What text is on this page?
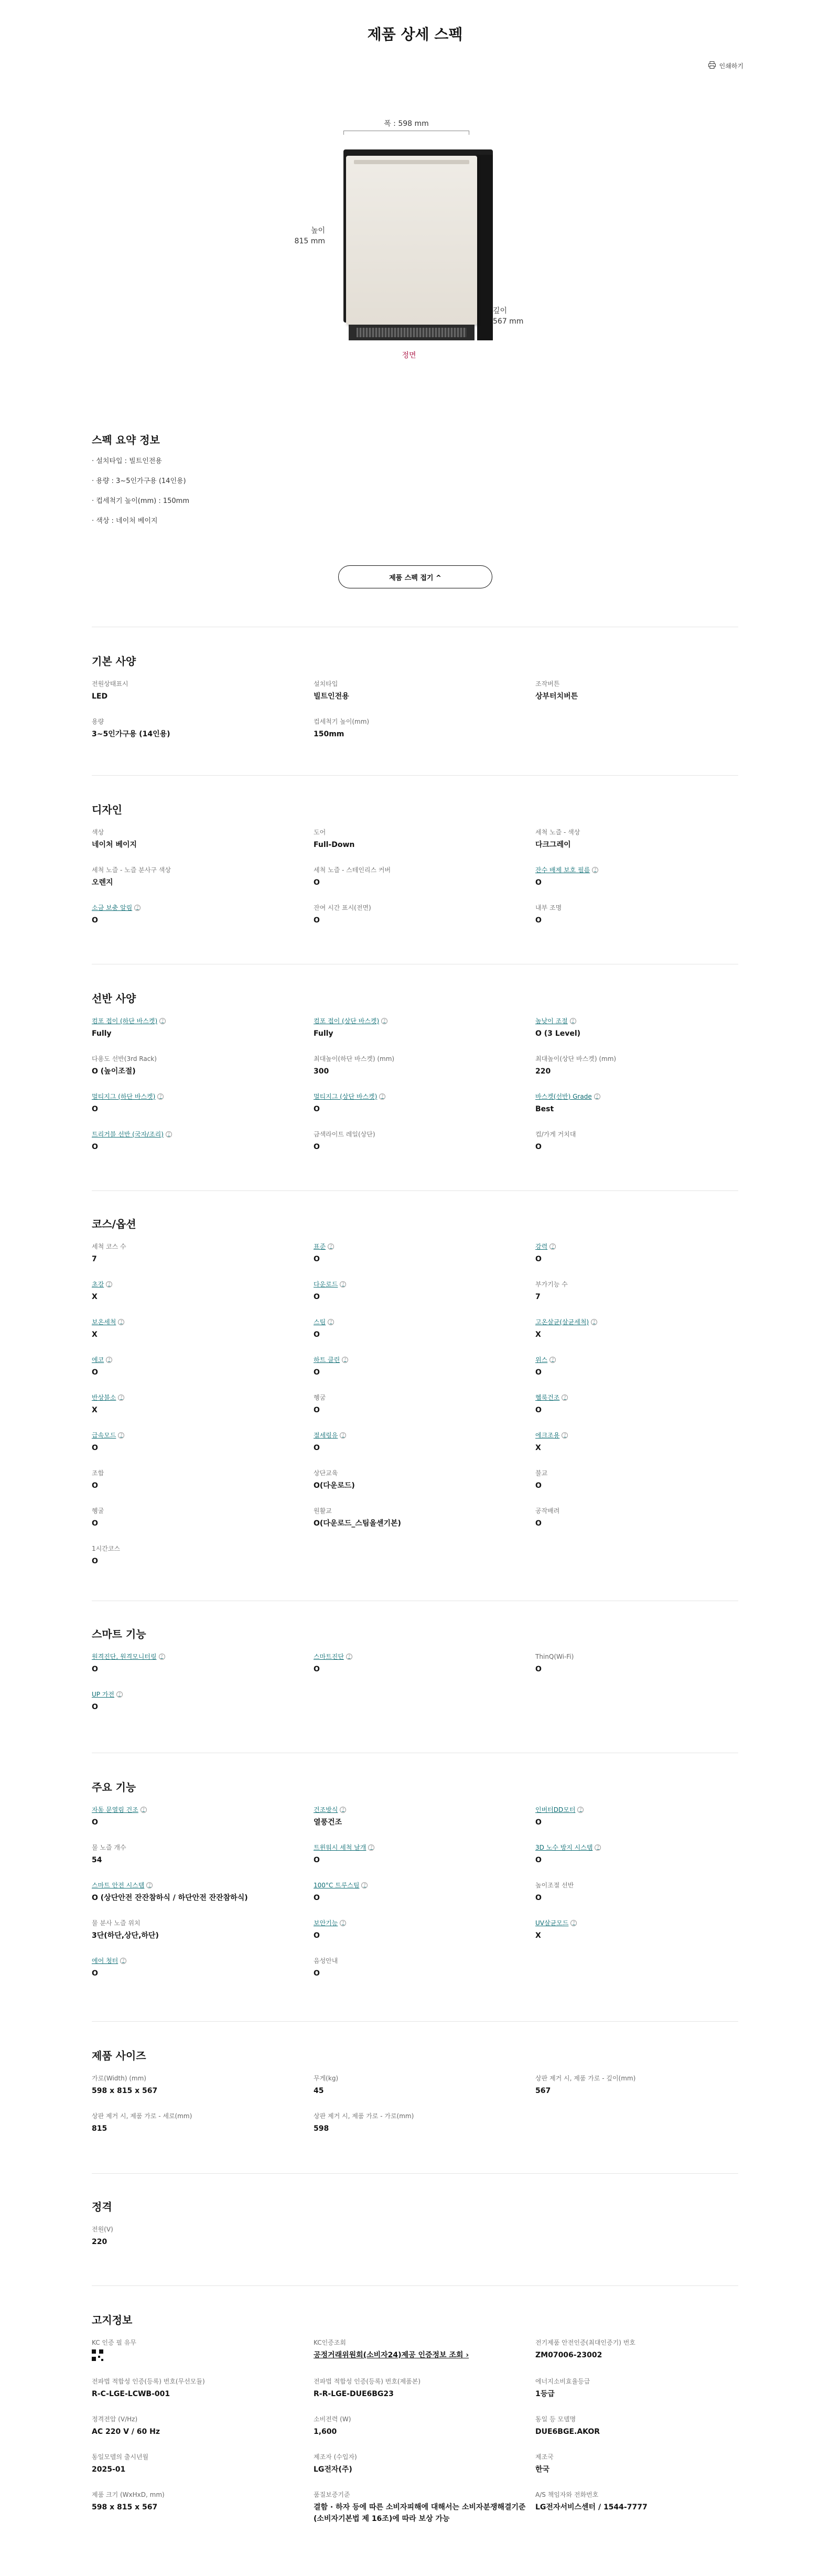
제품 상세 스펙
인쇄하기
폭 : 598 mm
높이
815 mm
깊이
567 mm
정면
스펙 요약 정보
· 설치타입 : 빌트인전용
· 용량 : 3~5인가구용 (14인용)
· 컵세척기 높이(mm) : 150mm
· 색상 : 네이처 베이지
제품 스펙 접기 ^
기본 사양
전원상태표시
LED
설치타입
빌트인전용
조작버튼
상부터치버튼
용량
3~5인가구용 (14인용)
컵세척기 높이(mm)
150mm
디자인
색상
네이처 베이지
도어
Full-Down
세척 노즐 - 색상
다크그레이
세척 노즐 - 노즐 분사구 색상
오렌지
세척 노즐 - 스테인리스 커버
O
잔수 배제 보호 필름 ?
O
소금 보충 알림 ?
O
잔여 시간 표시(전면)
O
내부 조명
O
선반 사양
컴포 접이 (하단 바스켓) ?
Fully
컴포 접이 (상단 바스켓) ?
Fully
높낮이 조절 ?
O (3 Level)
다용도 선반(3rd Rack)
O (높이조절)
최대높이(하단 바스켓) (mm)
300
최대높이(상단 바스켓) (mm)
220
멀티지그 (하단 바스켓) ?
O
멀티지그 (상단 바스켓) ?
O
바스켓(선반) Grade ?
Best
트리거블 선반 (국자/조리) ?
O
금색라이트 레일(상단)
O
컵/가게 거치대
O
코스/옵션
세척 코스 수
7
표준 ?
O
강력 ?
O
초강 ?
X
다운로드 ?
O
부가기능 수
7
보온세척 ?
X
스팀 ?
O
고온살균(살균세척) ?
X
에코 ?
O
하트 클린 ?
O
위스 ?
O
반상불소 ?
X
헹굼
O
헬룩건조 ?
O
급속모드 ?
O
절세링유 ?
O
에크조용 ?
X
조합
O
상단교육
O(다운로드)
불교
O
헹굴
O
원활교
O(다운로드_스팀올센기본)
공작배려
O
1시간코스
O
스마트 기능
원격진단, 원격모니터링 ?
O
스마트진단 ?
O
ThinQ(Wi-Fi)
O
UP 가전 ?
O
주요 기능
자동 문열림 건조 ?
O
건조방식 ?
열풍건조
인버터DD모터 ?
O
물 노즐 개수
54
트윈워시 세척 날개 ?
O
3D 노수 방지 시스템 ?
O
스마트 안전 시스템 ?
O (상단안전 잔잔참하식 / 하단안전 잔잔참하식)
100°C 트루스팀 ?
O
높이조절 선반
O
물 분사 노즐 위치
3단(하단,상단,하단)
보안기능 ?
O
UV살균모드 ?
X
에어 청터 ?
O
음성안내
O
제품 사이즈
가로(Width) (mm)
598 x 815 x 567
무게(kg)
45
상판 제거 시, 제품 가로 - 깊이(mm)
567
상판 제거 시, 제품 가로 - 세로(mm)
815
상판 제거 시, 제품 가로 - 가로(mm)
598
정격
전원(V)
220
고지정보
KC 인증 필 유무	KC인증조회
공정거래위원회(소비자24)제공 인증정보 조회 ›
전기제품 안전인증(최대인증기) 번호
ZM07006-23002
전파법 적합성 인증(등록) 번호(무선모듈)
R-C-LGE-LCWB-001
전파법 적합성 인증(등록) 번호(제품본)
R-R-LGE-DUE6BG23
에너지소비효율등급
1등급
정격전압 (V/Hz)
AC 220 V / 60 Hz
소비전력 (W)
1,600
동일 등 모델명
DUE6BGE.AKOR
동일모델의 출시년월
2025-01
제조자 (수입자)
LG전자(주)
제조국
한국
제품 크기 (WxHxD, mm)
598 x 815 x 567
품질보증기준
결함 · 하자 등에 따른 소비자피해에 대해서는 소비자분쟁해결기준(소비자기본법 제 16조)에 따라 보상 가능
A/S 책임자와 전화번호
LG전자서비스센터 / 1544-7777
